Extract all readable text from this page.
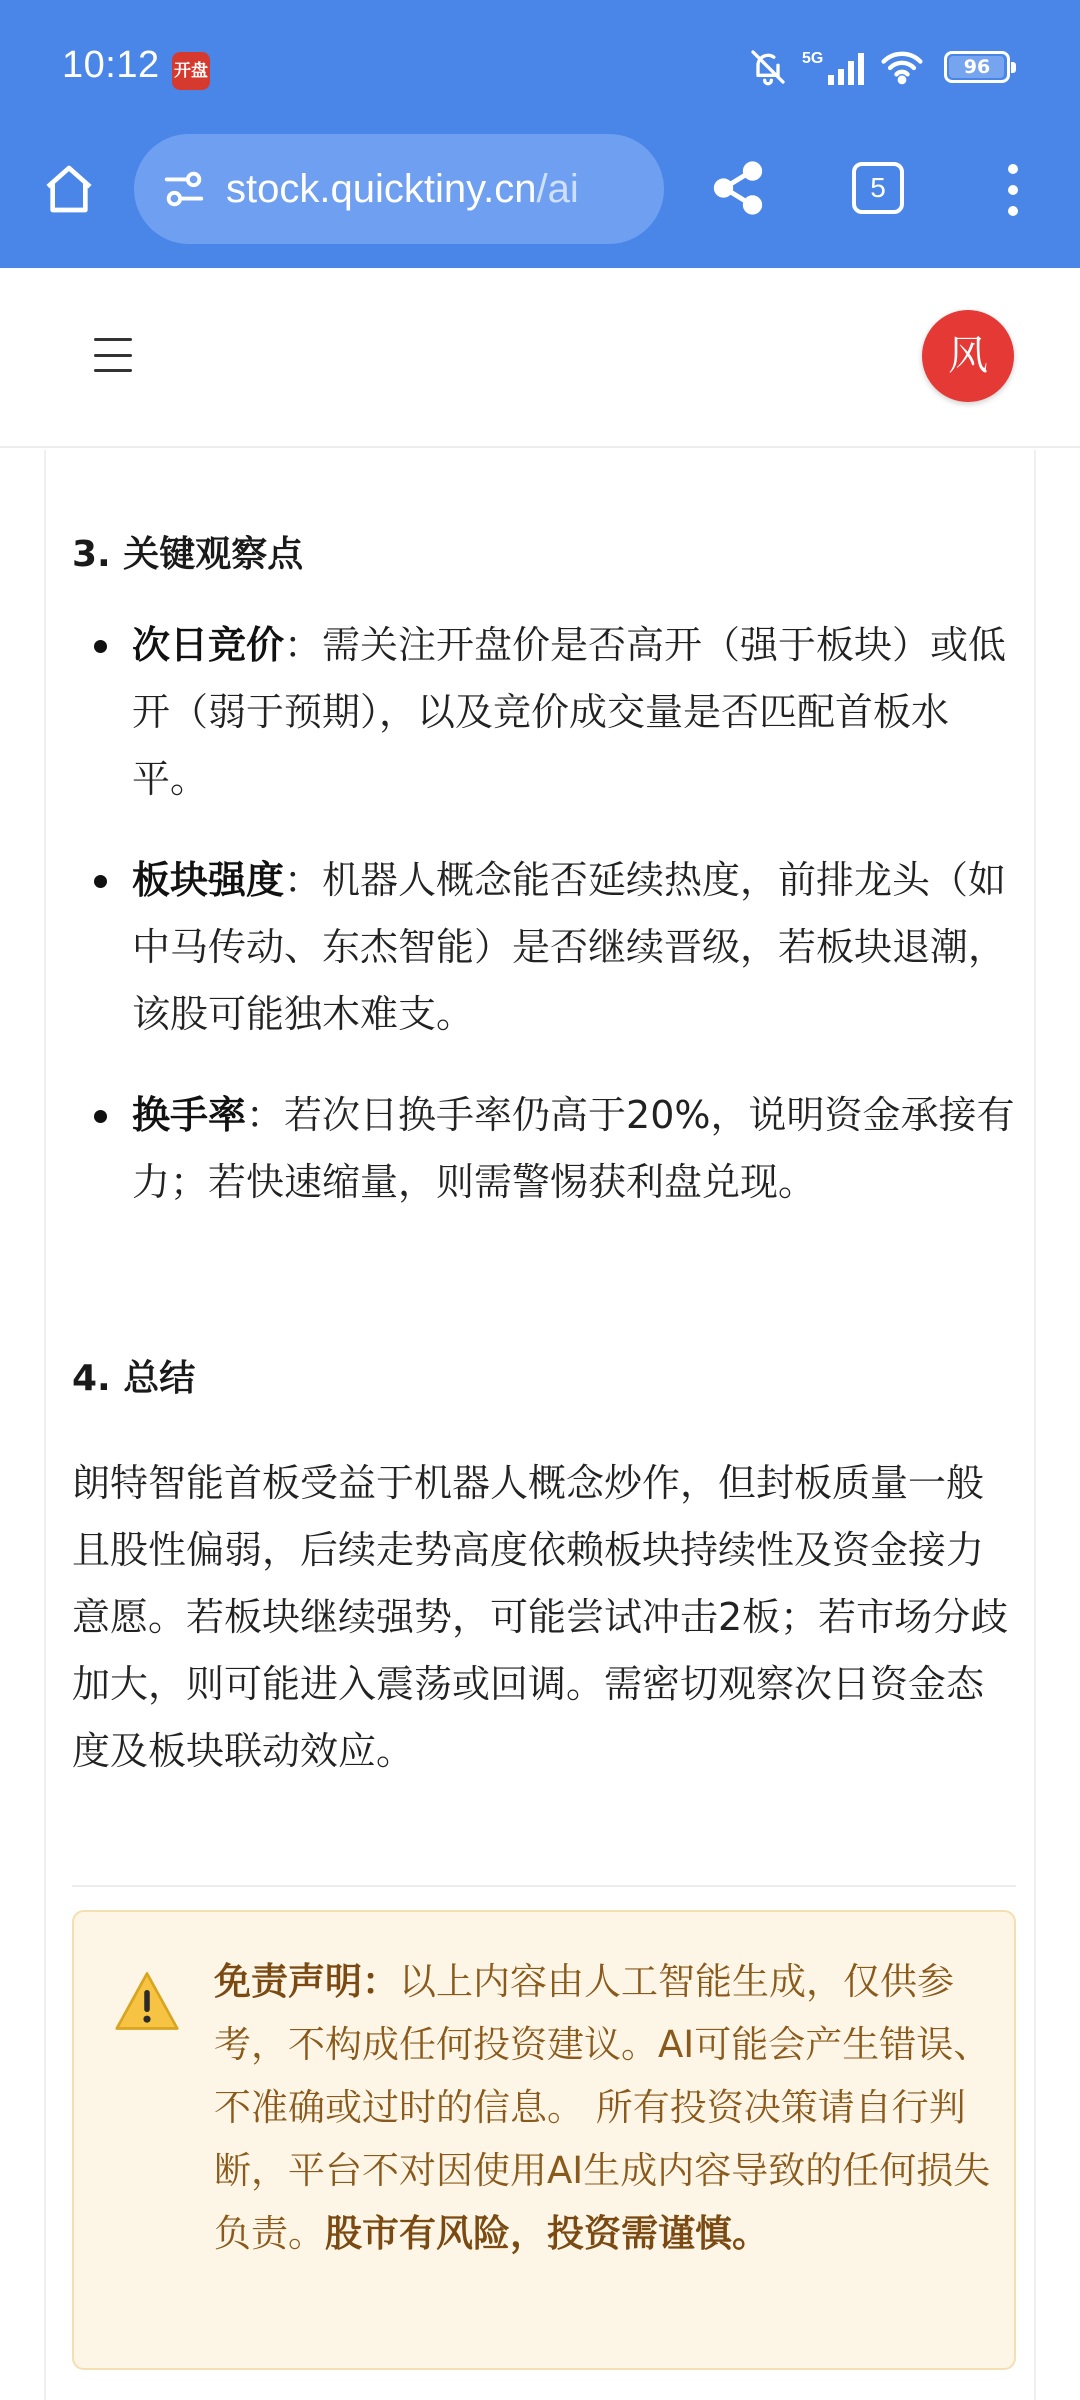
10:12 开盘
5G	96
stock.quicktiny.cn/ai	5
风
3. 关键观察点
次日竞价：需关注开盘价是否高开（强于板块）或低开（弱于预期），以及竞价成交量是否匹配首板水平。
板块强度：机器人概念能否延续热度，前排龙头（如中马传动、东杰智能）是否继续晋级，若板块退潮，该股可能独木难支。
换手率：若次日换手率仍高于20%，说明资金承接有力；若快速缩量，则需警惕获利盘兑现。
4. 总结

朗特智能首板受益于机器人概念炒作，但封板质量一般且股性偏弱，后续走势高度依赖板块持续性及资金接力意愿。若板块继续强势，可能尝试冲击2板；若市场分歧加大，则可能进入震荡或回调。需密切观察次日资金态度及板块联动效应。

免责声明：以上内容由人工智能生成，仅供参考，不构成任何投资建议。AI可能会产生错误、不准确或过时的信息。 所有投资决策请自行判断，平台不对因使用AI生成内容导致的任何损失负责。股市有风险，投资需谨慎。
